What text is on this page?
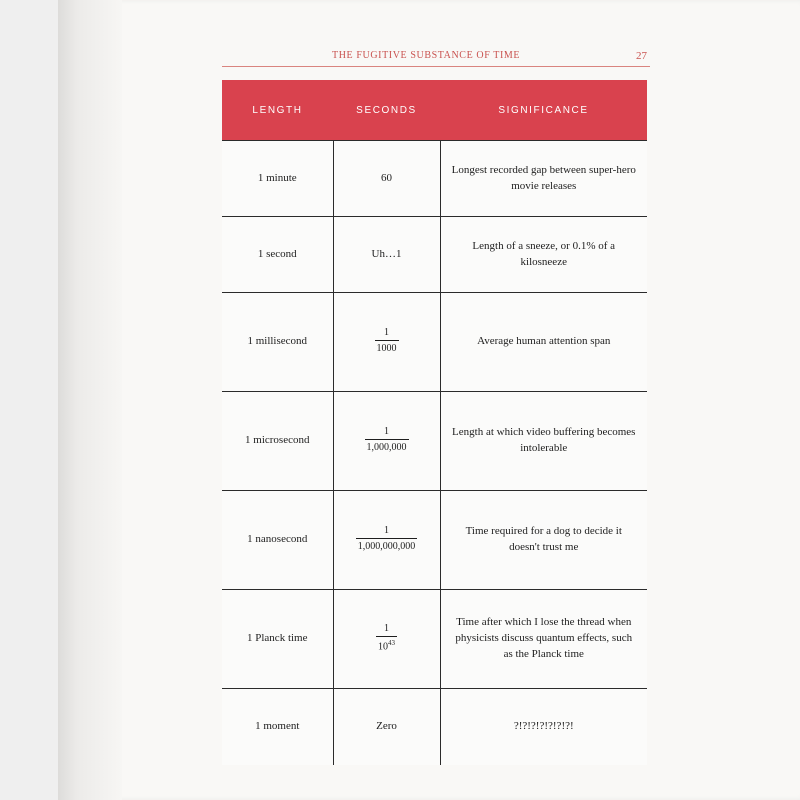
THE FUGITIVE SUBSTANCE OF TIME	27
LENGTH	SECONDS	SIGNIFICANCE
1 minute	60	Longest recorded gap between super-hero movie releases
1 second	Uh…1	Length of a sneeze, or 0.1% of a kilosneeze
1 millisecond	$\frac{1}{1000}$	Average human attention span
1 microsecond	$\frac{1}{1,000,000}$	Length at which video buffering becomes intolerable
1 nanosecond	$\frac{1}{1,000,000,000}$	Time required for a dog to decide it doesn't trust me
1 Planck time	$\frac{1}{10^{43}}$	Time after which I lose the thread when physicists discuss quantum effects, such as the Planck time
1 moment	Zero	?!?!?!?!?!?!?!
